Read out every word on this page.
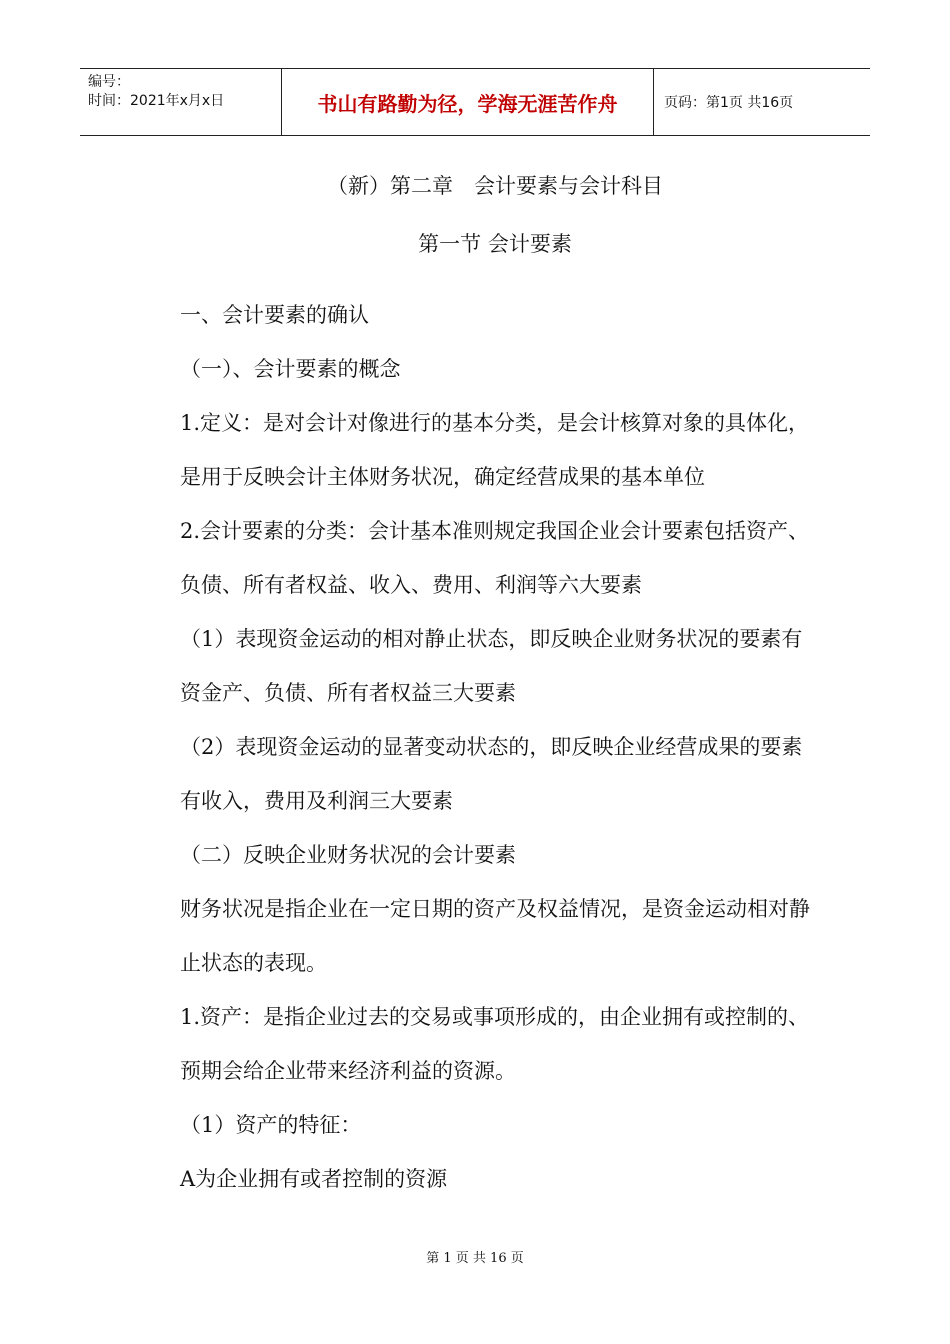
编号：
时间：2021年x月x日	书山有路勤为径，学海无涯苦作舟	页码：第1页 共16页
（新）第二章　会计要素与会计科目
第一节 会计要素
一、会计要素的确认
（一）、会计要素的概念
1.定义：是对会计对像进行的基本分类，是会计核算对象的具体化，是用于反映会计主体财务状况，确定经营成果的基本单位
2.会计要素的分类：会计基本准则规定我国企业会计要素包括资产、负债、所有者权益、收入、费用、利润等六大要素
（1）表现资金运动的相对静止状态，即反映企业财务状况的要素有资金产、负债、所有者权益三大要素
（2）表现资金运动的显著变动状态的，即反映企业经营成果的要素有收入，费用及利润三大要素
（二）反映企业财务状况的会计要素
财务状况是指企业在一定日期的资产及权益情况，是资金运动相对静止状态的表现。
1.资产：是指企业过去的交易或事项形成的，由企业拥有或控制的、预期会给企业带来经济利益的资源。
（1）资产的特征：
A为企业拥有或者控制的资源
第 1 页 共 16 页
